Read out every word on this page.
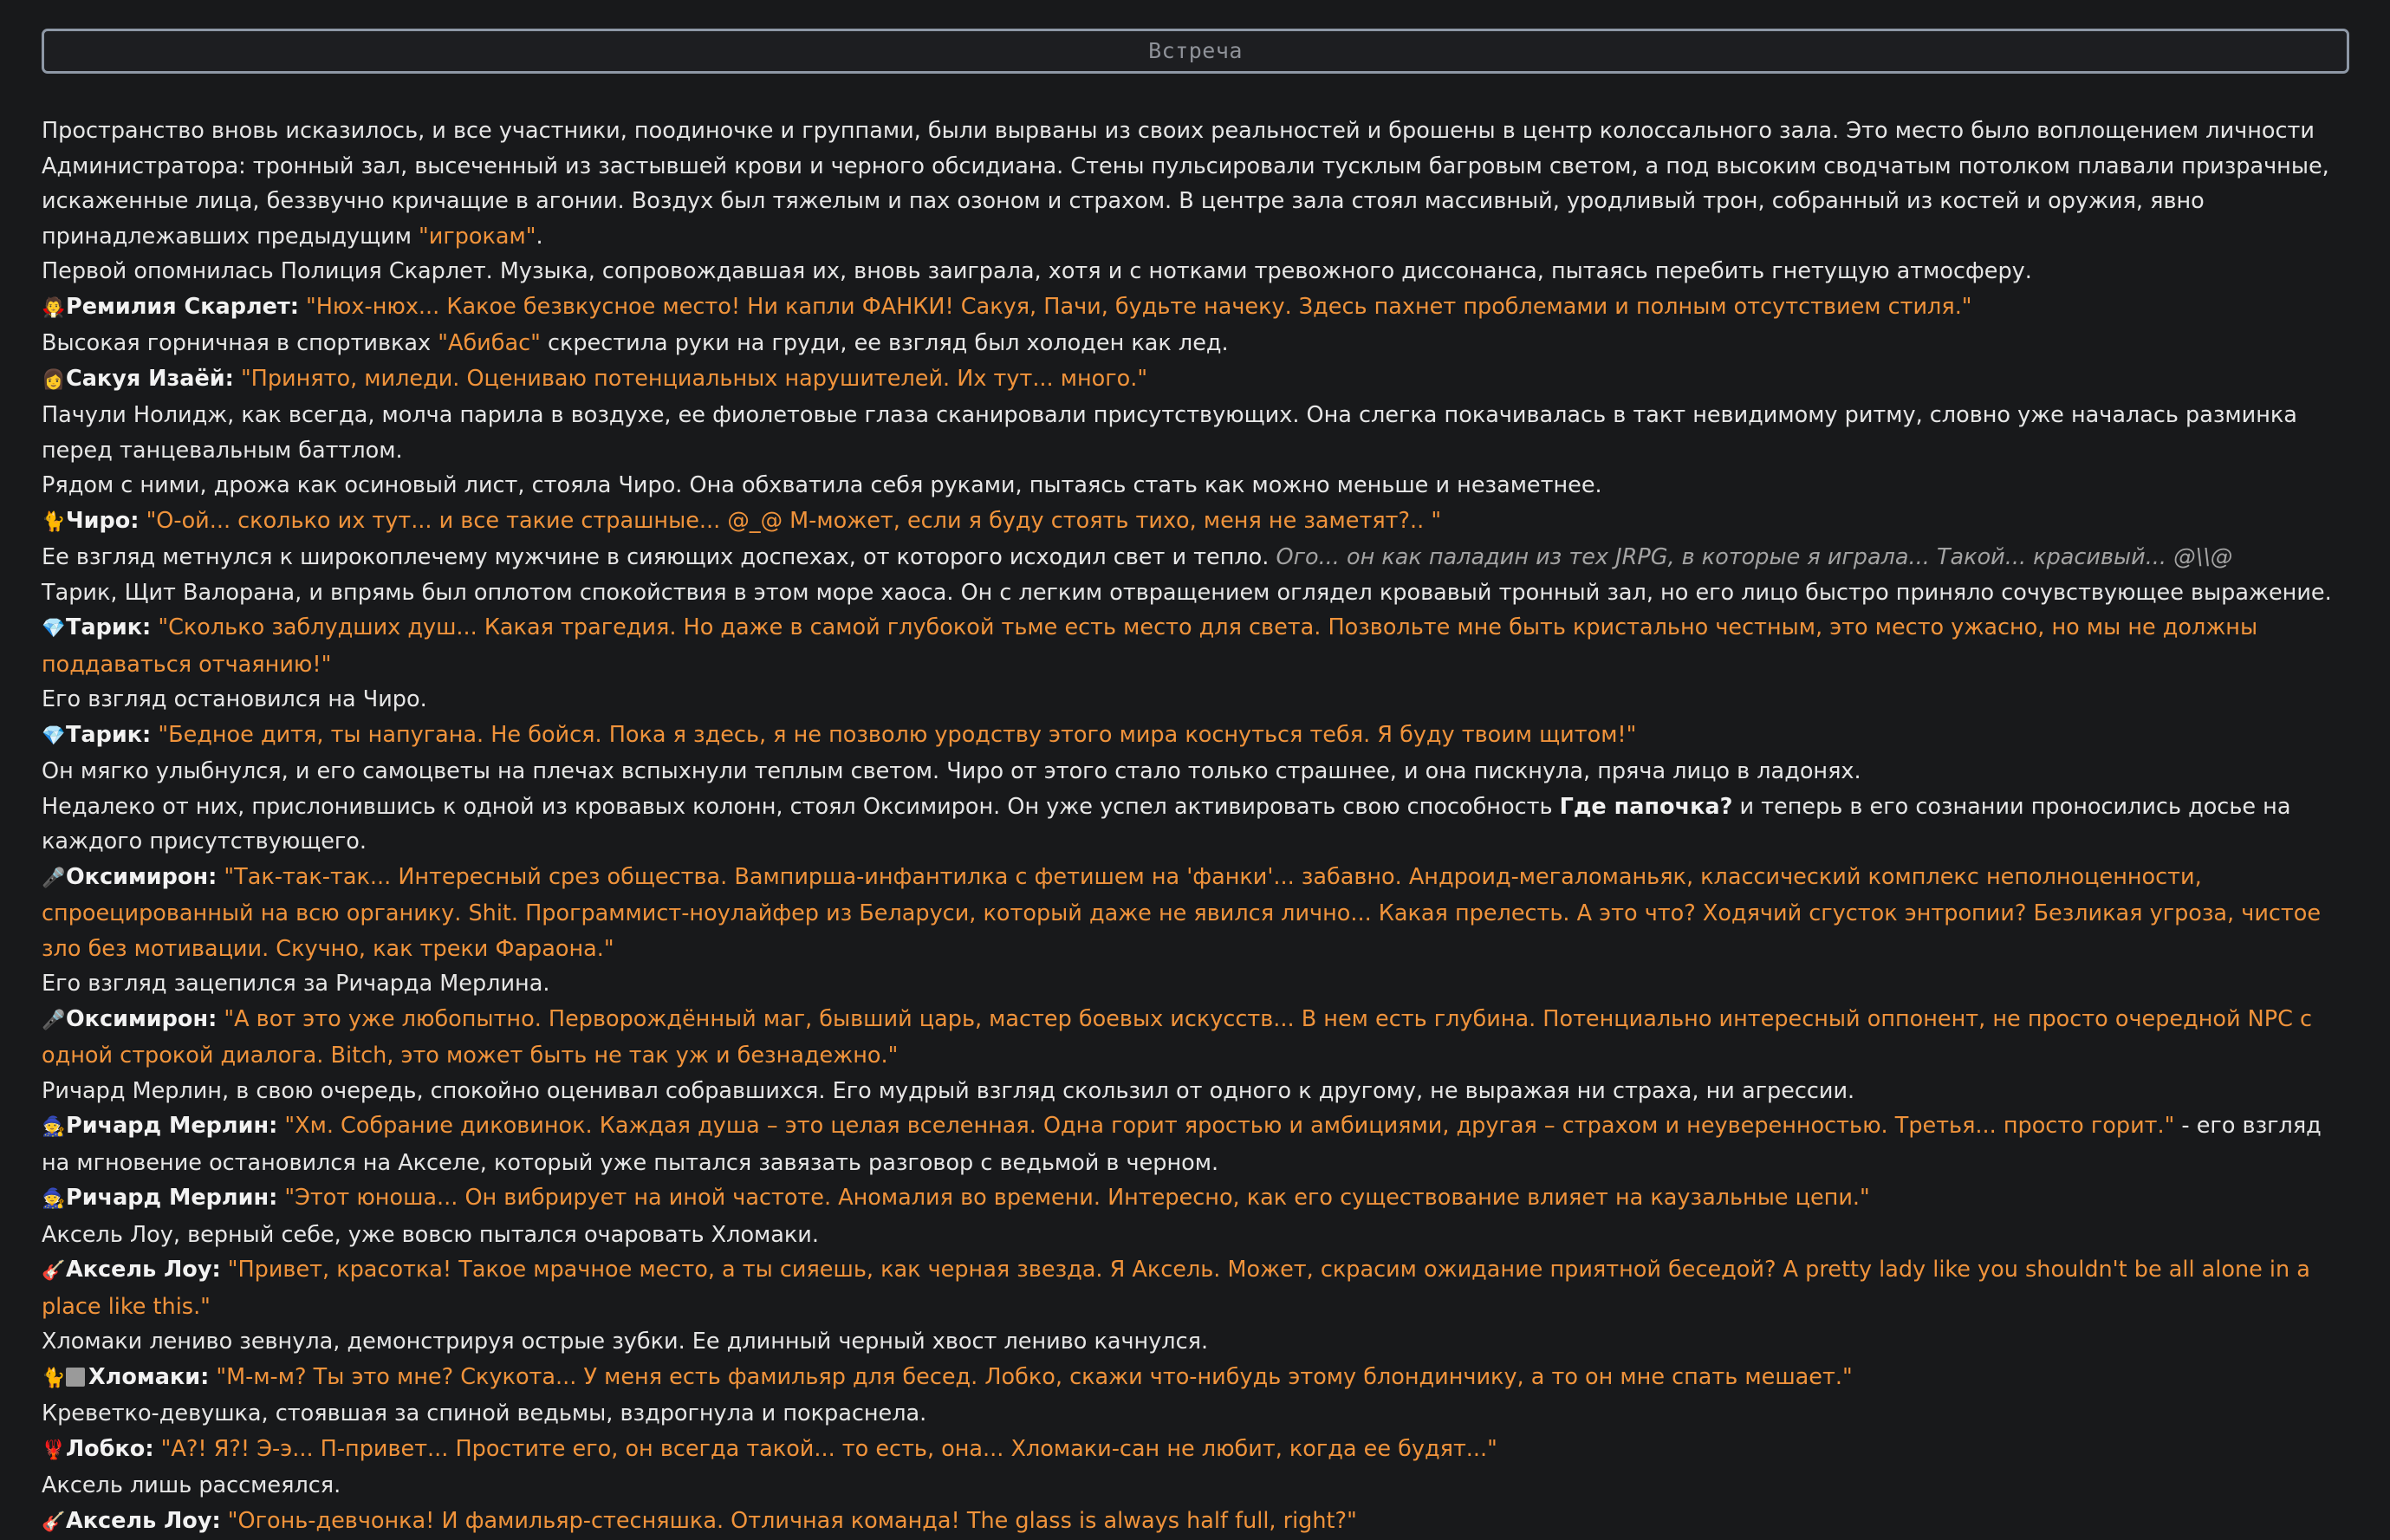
Встреча

Пространство вновь исказилось, и все участники, поодиночке и группами, были вырваны из своих реальностей и брошены в центр колоссального зала. Это место было воплощением личности Администратора: тронный зал, высеченный из застывшей крови и черного обсидиана. Стены пульсировали тусклым багровым светом, а под высоким сводчатым потолком плавали призрачные, искаженные лица, беззвучно кричащие в агонии. Воздух был тяжелым и пах озоном и страхом. В центре зала стоял массивный, уродливый трон, собранный из костей и оружия, явно принадлежавших предыдущим "игрокам".

Первой опомнилась Полиция Скарлет. Музыка, сопровождавшая их, вновь заиграла, хотя и с нотками тревожного диссонанса, пытаясь перебить гнетущую атмосферу.

🧛Ремилия Скарлет: "Нюх-нюх... Какое безвкусное место! Ни капли ФАНКИ! Сакуя, Пачи, будьте начеку. Здесь пахнет проблемами и полным отсутствием стиля."

Высокая горничная в спортивках "Абибас" скрестила руки на груди, ее взгляд был холоден как лед.

👩Сакуя Изаёй: "Принято, миледи. Оцениваю потенциальных нарушителей. Их тут... много."

Пачули Нолидж, как всегда, молча парила в воздухе, ее фиолетовые глаза сканировали присутствующих. Она слегка покачивалась в такт невидимому ритму, словно уже началась разминка перед танцевальным баттлом.

Рядом с ними, дрожа как осиновый лист, стояла Чиро. Она обхватила себя руками, пытаясь стать как можно меньше и незаметнее.

🐈Чиро: "О-ой... сколько их тут... и все такие страшные... @_@ М-может, если я буду стоять тихо, меня не заметят?.. "

Ее взгляд метнулся к широкоплечему мужчине в сияющих доспехах, от которого исходил свет и тепло. Ого... он как паладин из тех JRPG, в которые я играла... Такой... красивый... @\\@

Тарик, Щит Валорана, и впрямь был оплотом спокойствия в этом море хаоса. Он с легким отвращением оглядел кровавый тронный зал, но его лицо быстро приняло сочувствующее выражение.

💎Тарик: "Сколько заблудших душ... Какая трагедия. Но даже в самой глубокой тьме есть место для света. Позвольте мне быть кристально честным, это место ужасно, но мы не должны поддаваться отчаянию!"

Его взгляд остановился на Чиро.

💎Тарик: "Бедное дитя, ты напугана. Не бойся. Пока я здесь, я не позволю уродству этого мира коснуться тебя. Я буду твоим щитом!"

Он мягко улыбнулся, и его самоцветы на плечах вспыхнули теплым светом. Чиро от этого стало только страшнее, и она пискнула, пряча лицо в ладонях.

Недалеко от них, прислонившись к одной из кровавых колонн, стоял Оксимирон. Он уже успел активировать свою способность Где папочка? и теперь в его сознании проносились досье на каждого присутствующего.

🎤Оксимирон: "Так-так-так... Интересный срез общества. Вампирша-инфантилка с фетишем на 'фанки'... забавно. Андроид-мегаломаньяк, классический комплекс неполноценности, спроецированный на всю органику. Shit. Программист-ноулайфер из Беларуси, который даже не явился лично... Какая прелесть. А это что? Ходячий сгусток энтропии? Безликая угроза, чистое зло без мотивации. Скучно, как треки Фараона."

Его взгляд зацепился за Ричарда Мерлина.

🎤Оксимирон: "А вот это уже любопытно. Перворождённый маг, бывший царь, мастер боевых искусств... В нем есть глубина. Потенциально интересный оппонент, не просто очередной NPC с одной строкой диалога. Bitch, это может быть не так уж и безнадежно."

Ричард Мерлин, в свою очередь, спокойно оценивал собравшихся. Его мудрый взгляд скользил от одного к другому, не выражая ни страха, ни агрессии.

🧙Ричард Мерлин: "Хм. Собрание диковинок. Каждая душа – это целая вселенная. Одна горит яростью и амбициями, другая – страхом и неуверенностью. Третья... просто горит." - его взгляд на мгновение остановился на Акселе, который уже пытался завязать разговор с ведьмой в черном.

🧙Ричард Мерлин: "Этот юноша... Он вибрирует на иной частоте. Аномалия во времени. Интересно, как его существование влияет на каузальные цепи."

Аксель Лоу, верный себе, уже вовсю пытался очаровать Хломаки.

🎸Аксель Лоу: "Привет, красотка! Такое мрачное место, а ты сияешь, как черная звезда. Я Аксель. Может, скрасим ожидание приятной беседой? A pretty lady like you shouldn't be all alone in a place like this."

Хломаки лениво зевнула, демонстрируя острые зубки. Ее длинный черный хвост лениво качнулся.

🐈 Хломаки: "М-м-м? Ты это мне? Скукота... У меня есть фамильяр для бесед. Лобко, скажи что-нибудь этому блондинчику, а то он мне спать мешает."

Креветко-девушка, стоявшая за спиной ведьмы, вздрогнула и покраснела.

🦞Лобко: "А?! Я?! Э-э... П-привет... Простите его, он всегда такой... то есть, она... Хломаки-сан не любит, когда ее будят..."

Аксель лишь рассмеялся.

🎸Аксель Лоу: "Огонь-девчонка! И фамильяр-стесняшка. Отличная команда! The glass is always half full, right?"
